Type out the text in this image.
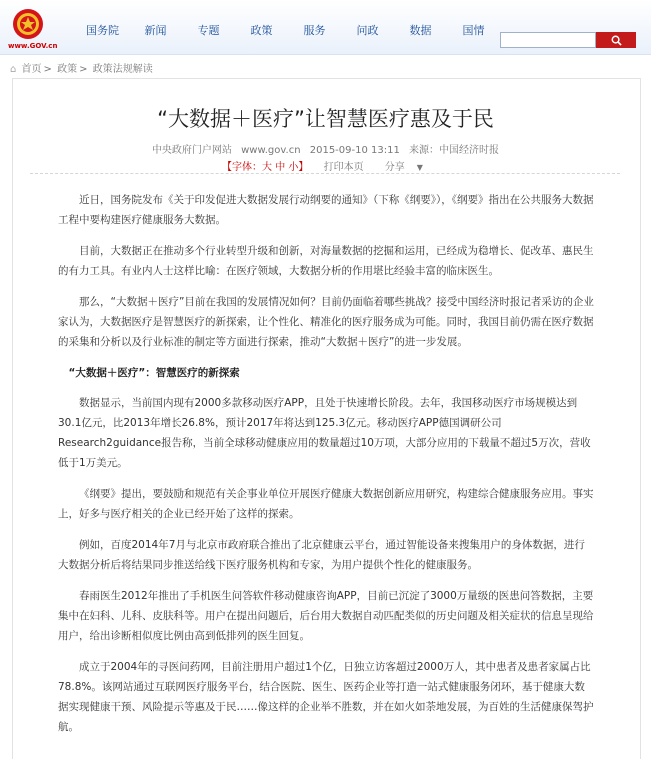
www.GOV.cn
国务院	新闻	专题	政策	服务	问政	数据	国情
⌂ 首页 > 政策 > 政策法规解读
“大数据＋医疗”让智慧医疗惠及于民
中央政府门户网站 www.gov.cn 2015-09-10 13:11 来源：中国经济时报
【字体：大 中 小】 打印本页 分享 ▼

近日，国务院发布《关于印发促进大数据发展行动纲要的通知》（下称《纲要》），《纲要》指出在公共服务大数据工程中要构建医疗健康服务大数据。

目前，大数据正在推动多个行业转型升级和创新，对海量数据的挖掘和运用，已经成为稳增长、促改革、惠民生的有力工具。有业内人士这样比喻：在医疗领域，大数据分析的作用堪比经验丰富的临床医生。

那么，“大数据＋医疗”目前在我国的发展情况如何？目前仍面临着哪些挑战？接受中国经济时报记者采访的企业家认为，大数据医疗是智慧医疗的新探索，让个性化、精准化的医疗服务成为可能。同时，我国目前仍需在医疗数据的采集和分析以及行业标准的制定等方面进行探索，推动“大数据＋医疗”的进一步发展。

“大数据＋医疗”：智慧医疗的新探索

数据显示，当前国内现有2000多款移动医疗APP，且处于快速增长阶段。去年，我国移动医疗市场规模达到30.1亿元，比2013年增长26.8%，预计2017年将达到125.3亿元。移动医疗APP德国调研公司Research2guidance报告称，当前全球移动健康应用的数量超过10万项，大部分应用的下载量不超过5万次，营收低于1万美元。

《纲要》提出，要鼓励和规范有关企事业单位开展医疗健康大数据创新应用研究，构建综合健康服务应用。事实上，好多与医疗相关的企业已经开始了这样的探索。

例如，百度2014年7月与北京市政府联合推出了北京健康云平台，通过智能设备来搜集用户的身体数据，进行大数据分析后将结果同步推送给线下医疗服务机构和专家，为用户提供个性化的健康服务。

春雨医生2012年推出了手机医生问答软件移动健康咨询APP，目前已沉淀了3000万量级的医患问答数据，主要集中在妇科、儿科、皮肤科等。用户在提出问题后，后台用大数据自动匹配类似的历史问题及相关症状的信息呈现给用户，给出诊断相似度比例由高到低排列的医生回复。

成立于2004年的寻医问药网，目前注册用户超过1个亿，日独立访客超过2000万人，其中患者及患者家属占比78.8%。该网站通过互联网医疗服务平台，结合医院、医生、医药企业等打造一站式健康服务闭环，基于健康大数据实现健康干预、风险提示等惠及于民……像这样的企业举不胜数，并在如火如荼地发展，为百姓的生活健康保驾护航。
